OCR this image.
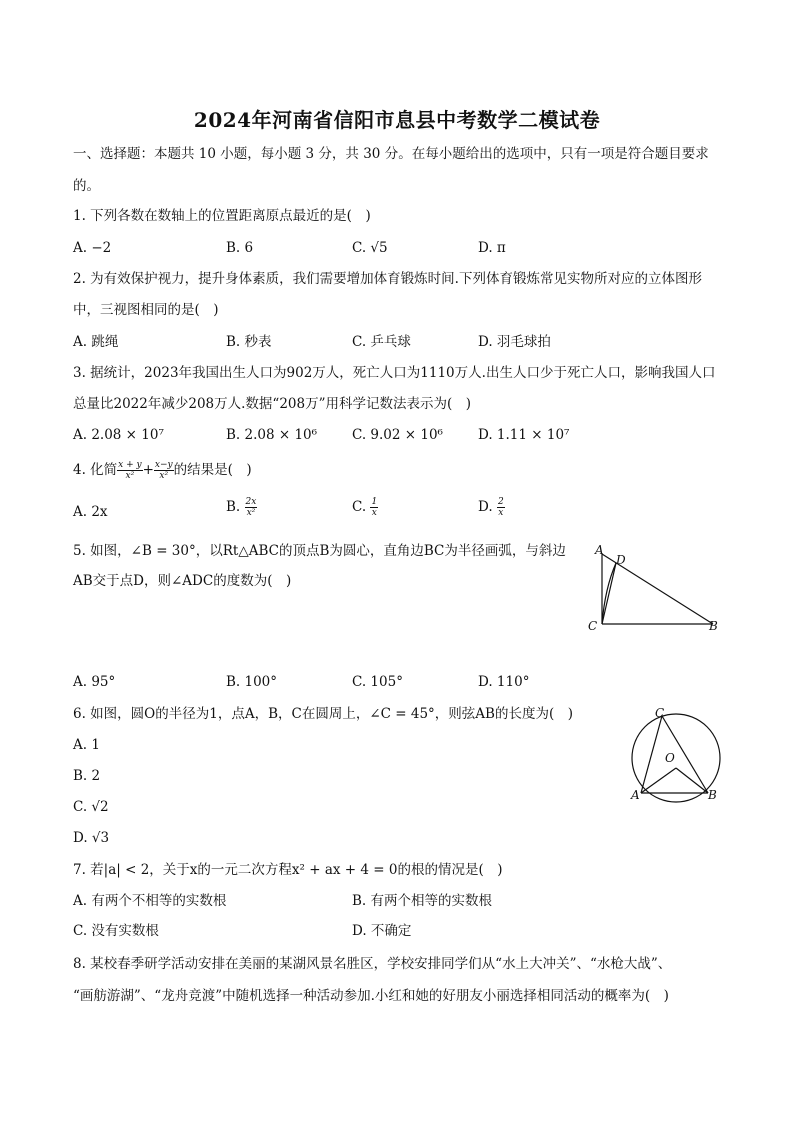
2024年河南省信阳市息县中考数学二模试卷
一、选择题：本题共 10 小题，每小题 3 分，共 30 分。在每小题给出的选项中，只有一项是符合题目要求
的。
1. 下列各数在数轴上的位置距离原点最近的是(　)
A. −2	B. 6	C. √5	D. π
2. 为有效保护视力，提升身体素质，我们需要增加体育锻炼时间.下列体育锻炼常见实物所对应的立体图形
中，三视图相同的是(　)
A. 跳绳	B. 秒表	C. 乒乓球	D. 羽毛球拍
3. 据统计，2023年我国出生人口为902万人，死亡人口为1110万人.出生人口少于死亡人口，影响我国人口
总量比2022年减少208万人.数据“208万”用科学记数法表示为(　)
A. 2.08 × 10⁷	B. 2.08 × 10⁶	C. 9.02 × 10⁶	D. 1.11 × 10⁷
4. 化简 $\frac{x + y}{\text{x²}} + \frac{x-y}{\text{x²}}$ 的结果是(　)
A. 2x	B. $\frac{2x}{\text{x²}}$	C. $\frac{1}{x}$	D. $\frac{2}{x}$
5. 如图，∠B = 30°，以Rt△ABC的顶点B为圆心，直角边BC为半径画弧，与斜边
AB交于点D，则∠ADC的度数为(　)
A
D
C	B
A. 95°	B. 100°	C. 105°	D. 110°
6. 如图，圆O的半径为1，点A，B，C在圆周上，∠C = 45°，则弦AB的长度为(　)	C
O
A	B
A. 1
B. 2
C. √2
D. √3
7. 若|a| < 2，关于x的一元二次方程x² + ax + 4 = 0的根的情况是(　)
A. 有两个不相等的实数根	B. 有两个相等的实数根
C. 没有实数根	D. 不确定
8. 某校春季研学活动安排在美丽的某湖风景名胜区，学校安排同学们从“水上大冲关”、“水枪大战”、
“画舫游湖”、“龙舟竞渡”中随机选择一种活动参加.小红和她的好朋友小丽选择相同活动的概率为(　)
